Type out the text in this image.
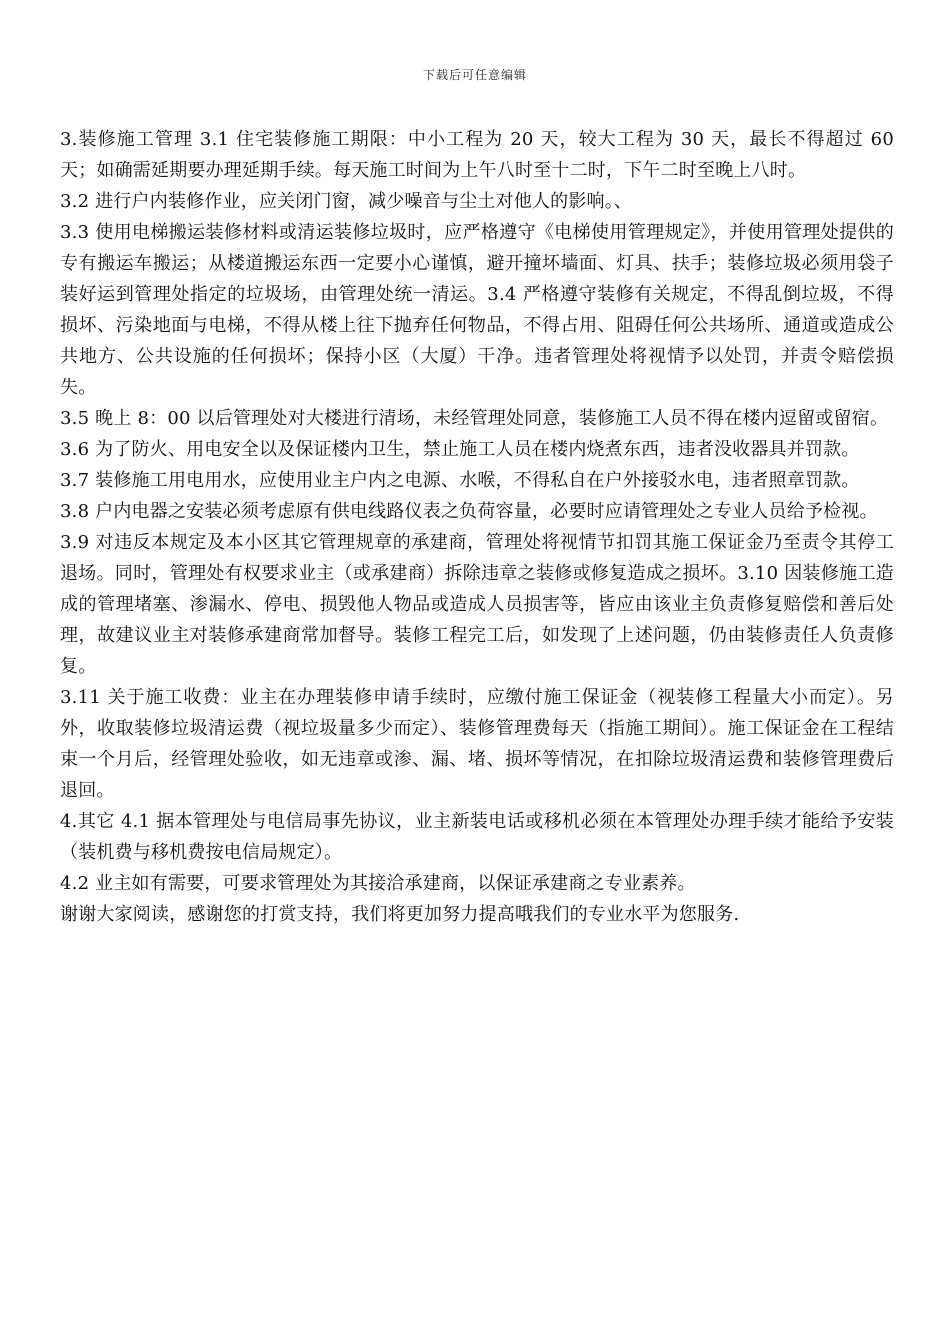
下载后可任意编辑

3.装修施工管理 3.1 住宅装修施工期限：中小工程为 20 天，较大工程为 30 天，最长不得超过 60 天；如确需延期要办理延期手续。每天施工时间为上午八时至十二时，下午二时至晚上八时。

3.2 进行户内装修作业，应关闭门窗，减少噪音与尘土对他人的影响。、

3.3 使用电梯搬运装修材料或清运装修垃圾时，应严格遵守《电梯使用管理规定》，并使用管理处提供的专有搬运车搬运；从楼道搬运东西一定要小心谨慎，避开撞坏墙面、灯具、扶手；装修垃圾必须用袋子装好运到管理处指定的垃圾场，由管理处统一清运。3.4 严格遵守装修有关规定，不得乱倒垃圾，不得损坏、污染地面与电梯，不得从楼上往下抛弃任何物品，不得占用、阻碍任何公共场所、通道或造成公共地方、公共设施的任何损坏；保持小区（大厦）干净。违者管理处将视情予以处罚，并责令赔偿损失。

3.5 晚上 8：00 以后管理处对大楼进行清场，未经管理处同意，装修施工人员不得在楼内逗留或留宿。

3.6 为了防火、用电安全以及保证楼内卫生，禁止施工人员在楼内烧煮东西，违者没收器具并罚款。

3.7 装修施工用电用水，应使用业主户内之电源、水喉，不得私自在户外接驳水电，违者照章罚款。

3.8 户内电器之安装必须考虑原有供电线路仪表之负荷容量，必要时应请管理处之专业人员给予检视。

3.9 对违反本规定及本小区其它管理规章的承建商，管理处将视情节扣罚其施工保证金乃至责令其停工退场。同时，管理处有权要求业主（或承建商）拆除违章之装修或修复造成之损坏。3.10 因装修施工造成的管理堵塞、渗漏水、停电、损毁他人物品或造成人员损害等，皆应由该业主负责修复赔偿和善后处理，故建议业主对装修承建商常加督导。装修工程完工后，如发现了上述问题，仍由装修责任人负责修复。

3.11 关于施工收费：业主在办理装修申请手续时，应缴付施工保证金（视装修工程量大小而定）。另外，收取装修垃圾清运费（视垃圾量多少而定）、装修管理费每天（指施工期间）。施工保证金在工程结束一个月后，经管理处验收，如无违章或渗、漏、堵、损坏等情况，在扣除垃圾清运费和装修管理费后退回。

4.其它 4.1 据本管理处与电信局事先协议，业主新装电话或移机必须在本管理处办理手续才能给予安装（装机费与移机费按电信局规定）。

4.2 业主如有需要，可要求管理处为其接洽承建商，以保证承建商之专业素养。

谢谢大家阅读，感谢您的打赏支持，我们将更加努力提高哦我们的专业水平为您服务.
